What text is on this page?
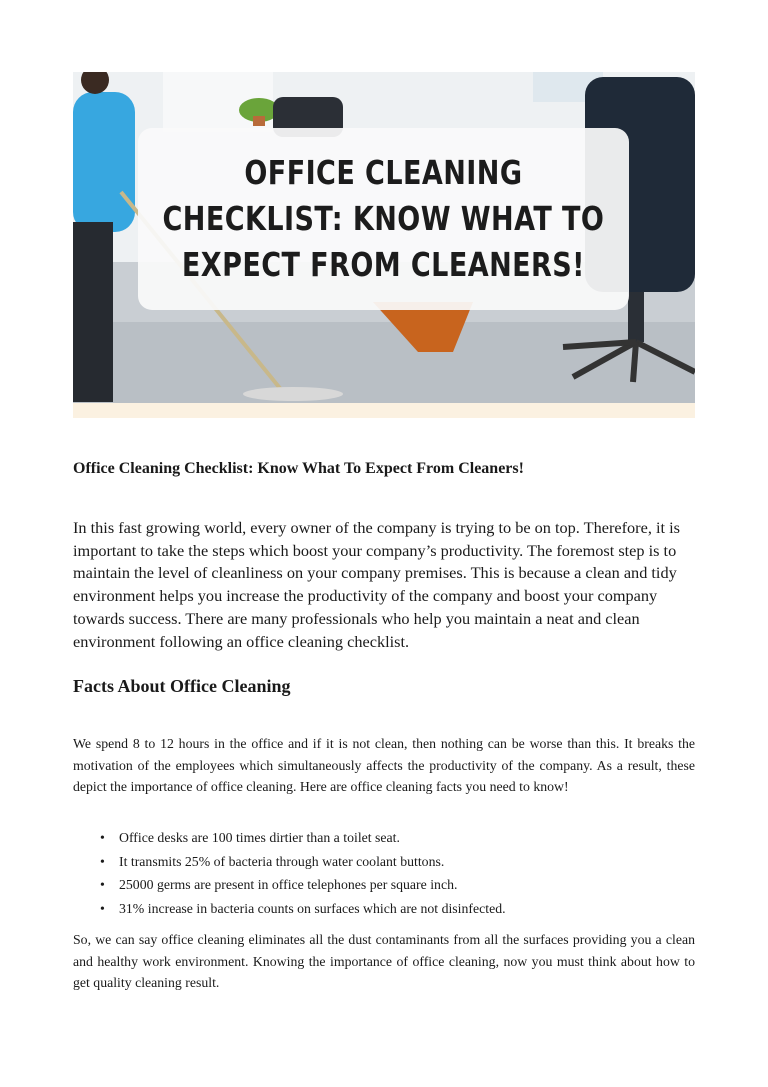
OFFICE CLEANING
CHECKLIST: KNOW WHAT TO
EXPECT FROM CLEANERS!

Office Cleaning Checklist: Know What To Expect From Cleaners!

In this fast growing world, every owner of the company is trying to be on top. Therefore, it is important to take the steps which boost your company’s productivity. The foremost step is to maintain the level of cleanliness on your company premises. This is because a clean and tidy environment helps you increase the productivity of the company and boost your company towards success. There are many professionals who help you maintain a neat and clean environment following an office cleaning checklist.

Facts About Office Cleaning

We spend 8 to 12 hours in the office and if it is not clean, then nothing can be worse than this. It breaks the motivation of the employees which simultaneously affects the productivity of the company. As a result, these depict the importance of office cleaning. Here are office cleaning facts you need to know!

• Office desks are 100 times dirtier than a toilet seat.
• It transmits 25% of bacteria through water coolant buttons.
• 25000 germs are present in office telephones per square inch.
• 31% increase in bacteria counts on surfaces which are not disinfected.

So, we can say office cleaning eliminates all the dust contaminants from all the surfaces providing you a clean and healthy work environment. Knowing the importance of office cleaning, now you must think about how to get quality cleaning result.
